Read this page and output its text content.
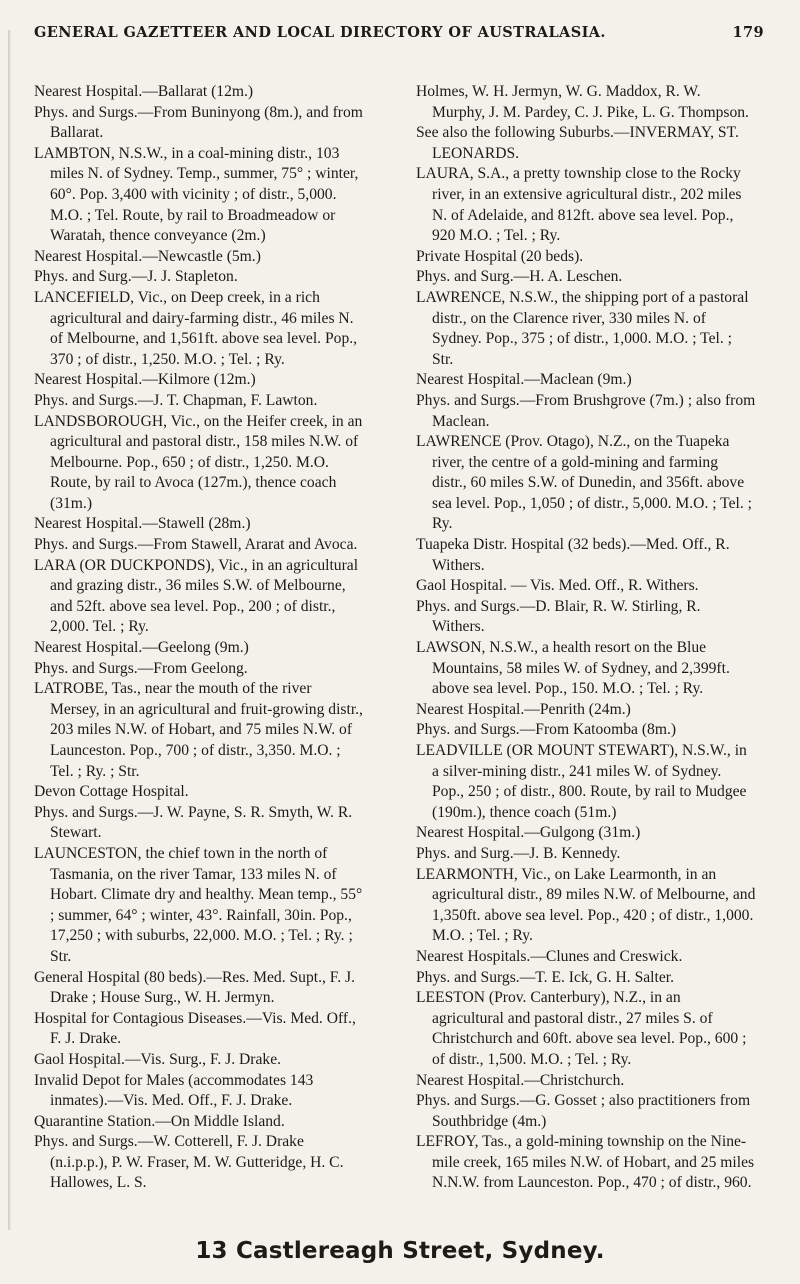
GENERAL GAZETTEER AND LOCAL DIRECTORY OF AUSTRALASIA.	179

Nearest Hospital.—Ballarat (12m.)

Phys. and Surgs.—From Buninyong (8m.), and from Ballarat.

LAMBTON, N.S.W., in a coal-mining distr., 103 miles N. of Sydney. Temp., summer, 75° ; winter, 60°. Pop. 3,400 with vicinity ; of distr., 5,000. M.O. ; Tel. Route, by rail to Broadmeadow or Waratah, thence conveyance (2m.)

Nearest Hospital.—Newcastle (5m.)

Phys. and Surg.—J. J. Stapleton.

LANCEFIELD, Vic., on Deep creek, in a rich agricultural and dairy-farming distr., 46 miles N. of Melbourne, and 1,561ft. above sea level. Pop., 370 ; of distr., 1,250. M.O. ; Tel. ; Ry.

Nearest Hospital.—Kilmore (12m.)

Phys. and Surgs.—J. T. Chapman, F. Lawton.

LANDSBOROUGH, Vic., on the Heifer creek, in an agricultural and pastoral distr., 158 miles N.W. of Melbourne. Pop., 650 ; of distr., 1,250. M.O. Route, by rail to Avoca (127m.), thence coach (31m.)

Nearest Hospital.—Stawell (28m.)

Phys. and Surgs.—From Stawell, Ararat and Avoca.

LARA (OR DUCKPONDS), Vic., in an agricultural and grazing distr., 36 miles S.W. of Melbourne, and 52ft. above sea level. Pop., 200 ; of distr., 2,000. Tel. ; Ry.

Nearest Hospital.—Geelong (9m.)

Phys. and Surgs.—From Geelong.

LATROBE, Tas., near the mouth of the river Mersey, in an agricultural and fruit-growing distr., 203 miles N.W. of Hobart, and 75 miles N.W. of Launceston. Pop., 700 ; of distr., 3,350. M.O. ; Tel. ; Ry. ; Str.

Devon Cottage Hospital.

Phys. and Surgs.—J. W. Payne, S. R. Smyth, W. R. Stewart.

LAUNCESTON, the chief town in the north of Tasmania, on the river Tamar, 133 miles N. of Hobart. Climate dry and healthy. Mean temp., 55° ; summer, 64° ; winter, 43°. Rainfall, 30in. Pop., 17,250 ; with suburbs, 22,000. M.O. ; Tel. ; Ry. ; Str.

General Hospital (80 beds).—Res. Med. Supt., F. J. Drake ; House Surg., W. H. Jermyn.

Hospital for Contagious Diseases.—Vis. Med. Off., F. J. Drake.

Gaol Hospital.—Vis. Surg., F. J. Drake.

Invalid Depot for Males (accommodates 143 inmates).—Vis. Med. Off., F. J. Drake.

Quarantine Station.—On Middle Island.

Phys. and Surgs.—W. Cotterell, F. J. Drake (n.i.p.p.), P. W. Fraser, M. W. Gutteridge, H. C. Hallowes, L. S.

Holmes, W. H. Jermyn, W. G. Maddox, R. W. Murphy, J. M. Pardey, C. J. Pike, L. G. Thompson.

See also the following Suburbs.—INVERMAY, ST. LEONARDS.

LAURA, S.A., a pretty township close to the Rocky river, in an extensive agricultural distr., 202 miles N. of Adelaide, and 812ft. above sea level. Pop., 920 M.O. ; Tel. ; Ry.

Private Hospital (20 beds).

Phys. and Surg.—H. A. Leschen.

LAWRENCE, N.S.W., the shipping port of a pastoral distr., on the Clarence river, 330 miles N. of Sydney. Pop., 375 ; of distr., 1,000. M.O. ; Tel. ; Str.

Nearest Hospital.—Maclean (9m.)

Phys. and Surgs.—From Brushgrove (7m.) ; also from Maclean.

LAWRENCE (Prov. Otago), N.Z., on the Tuapeka river, the centre of a gold-mining and farming distr., 60 miles S.W. of Dunedin, and 356ft. above sea level. Pop., 1,050 ; of distr., 5,000. M.O. ; Tel. ; Ry.

Tuapeka Distr. Hospital (32 beds).—Med. Off., R. Withers.

Gaol Hospital. — Vis. Med. Off., R. Withers.

Phys. and Surgs.—D. Blair, R. W. Stirling, R. Withers.

LAWSON, N.S.W., a health resort on the Blue Mountains, 58 miles W. of Sydney, and 2,399ft. above sea level. Pop., 150. M.O. ; Tel. ; Ry.

Nearest Hospital.—Penrith (24m.)

Phys. and Surgs.—From Katoomba (8m.)

LEADVILLE (OR MOUNT STEWART), N.S.W., in a silver-mining distr., 241 miles W. of Sydney. Pop., 250 ; of distr., 800. Route, by rail to Mudgee (190m.), thence coach (51m.)

Nearest Hospital.—Gulgong (31m.)

Phys. and Surg.—J. B. Kennedy.

LEARMONTH, Vic., on Lake Learmonth, in an agricultural distr., 89 miles N.W. of Melbourne, and 1,350ft. above sea level. Pop., 420 ; of distr., 1,000. M.O. ; Tel. ; Ry.

Nearest Hospitals.—Clunes and Creswick.

Phys. and Surgs.—T. E. Ick, G. H. Salter.

LEESTON (Prov. Canterbury), N.Z., in an agricultural and pastoral distr., 27 miles S. of Christchurch and 60ft. above sea level. Pop., 600 ; of distr., 1,500. M.O. ; Tel. ; Ry.

Nearest Hospital.—Christchurch.

Phys. and Surgs.—G. Gosset ; also practitioners from Southbridge (4m.)

LEFROY, Tas., a gold-mining township on the Nine-mile creek, 165 miles N.W. of Hobart, and 25 miles N.N.W. from Launceston. Pop., 470 ; of distr., 960.

13 Castlereagh Street, Sydney.
